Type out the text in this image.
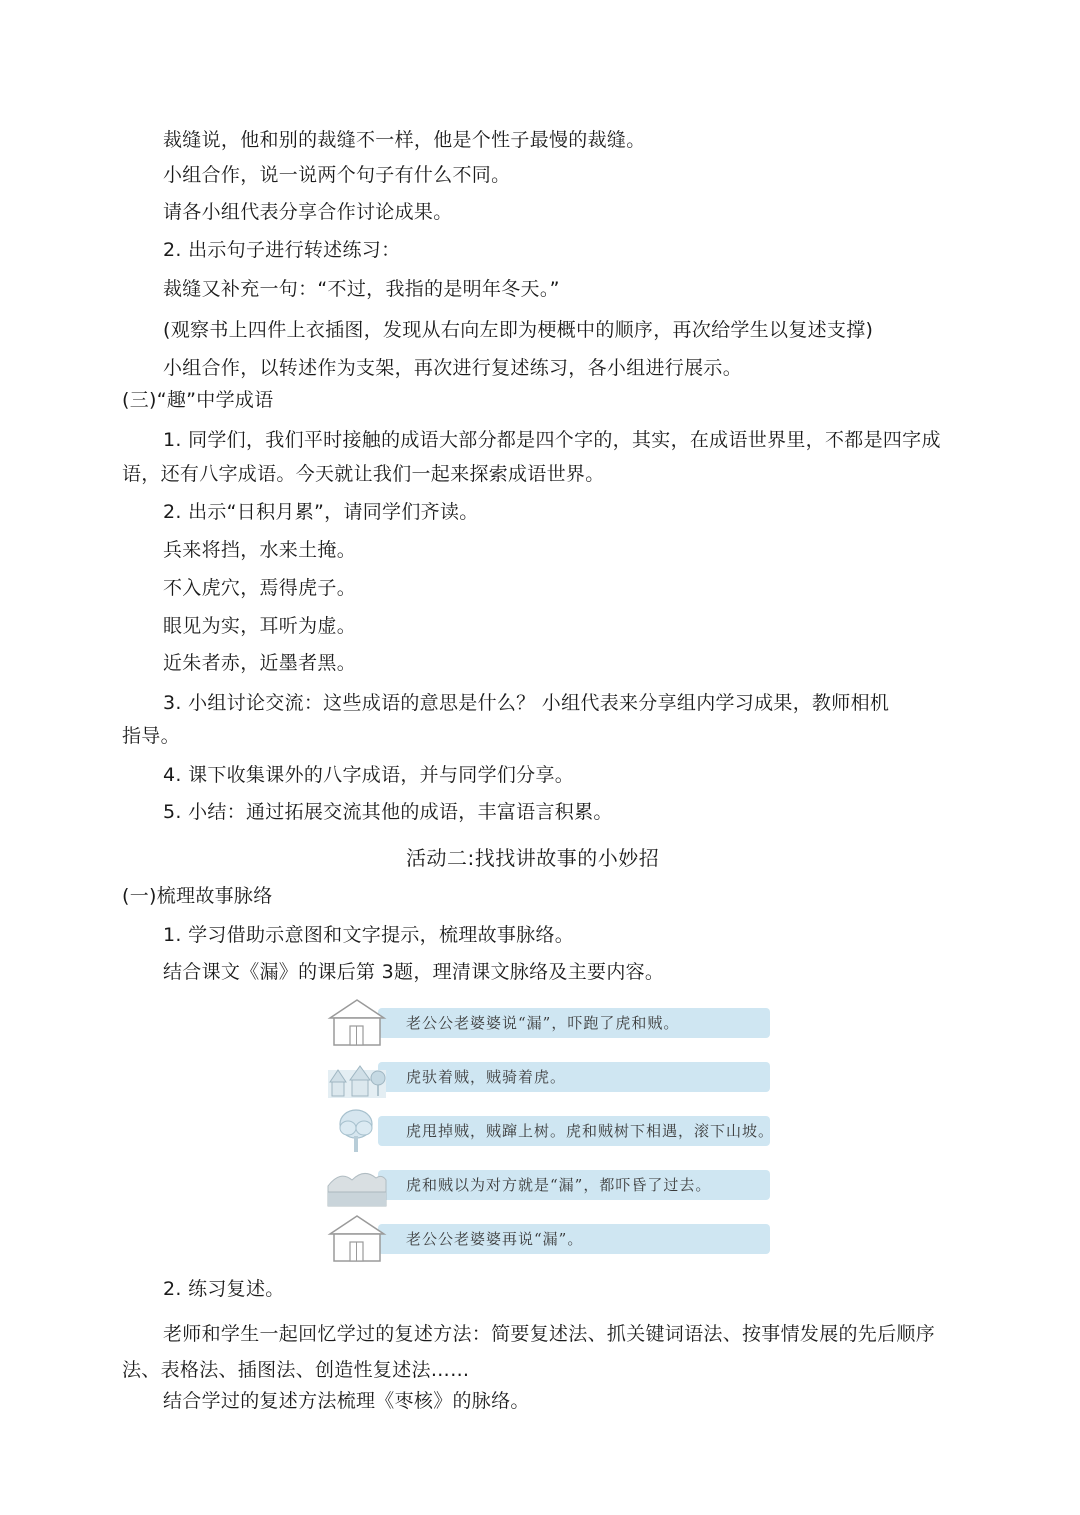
裁缝说，他和别的裁缝不一样，他是个性子最慢的裁缝。
小组合作，说一说两个句子有什么不同。
请各小组代表分享合作讨论成果。
2. 出示句子进行转述练习：
裁缝又补充一句：“不过，我指的是明年冬天。”
(观察书上四件上衣插图，发现从右向左即为梗概中的顺序，再次给学生以复述支撑)
小组合作，以转述作为支架，再次进行复述练习，各小组进行展示。
(三)“趣”中学成语
1. 同学们，我们平时接触的成语大部分都是四个字的，其实，在成语世界里，不都是四字成
语，还有八字成语。今天就让我们一起来探索成语世界。
2. 出示“日积月累”，请同学们齐读。
兵来将挡，水来土掩。
不入虎穴，焉得虎子。
眼见为实，耳听为虚。
近朱者赤，近墨者黑。
3. 小组讨论交流：这些成语的意思是什么？ 小组代表来分享组内学习成果，教师相机
指导。
4. 课下收集课外的八字成语，并与同学们分享。
5. 小结：通过拓展交流其他的成语，丰富语言积累。
活动二:找找讲故事的小妙招
(一)梳理故事脉络
1. 学习借助示意图和文字提示，梳理故事脉络。
结合课文《漏》的课后第 3题，理清课文脉络及主要内容。
老公公老婆婆说“漏”，吓跑了虎和贼。
虎驮着贼，贼骑着虎。
虎甩掉贼，贼蹿上树。虎和贼树下相遇，滚下山坡。
虎和贼以为对方就是“漏”，都吓昏了过去。
老公公老婆婆再说“漏”。
2. 练习复述。
老师和学生一起回忆学过的复述方法：简要复述法、抓关键词语法、按事情发展的先后顺序
法、表格法、插图法、创造性复述法……
结合学过的复述方法梳理《枣核》的脉络。
